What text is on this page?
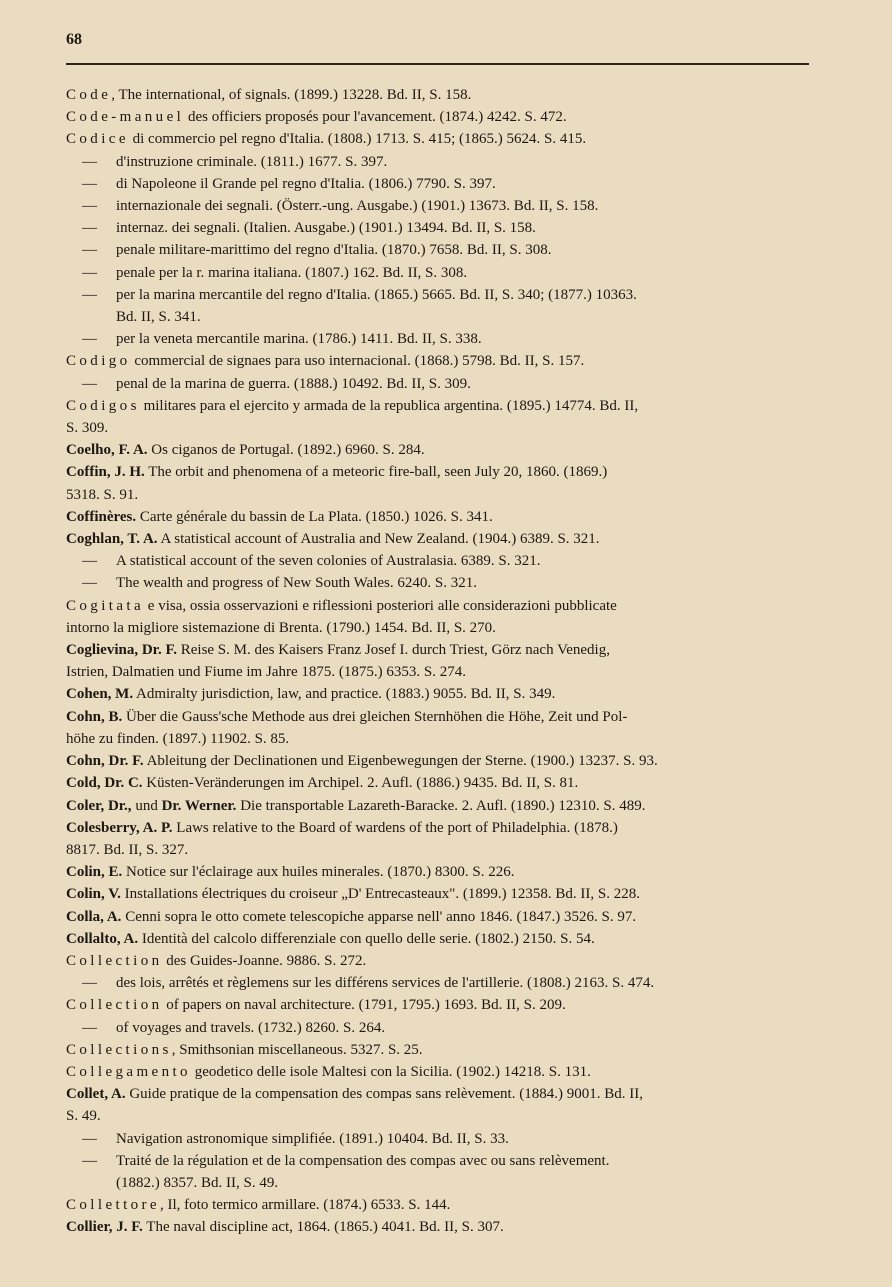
68
Code, The international, of signals. (1899.) 13228. Bd. II, S. 158.
Code-manuel des officiers proposés pour l'avancement. (1874.) 4242. S. 472.
Codice di commercio pel regno d'Italia. (1808.) 1713. S. 415; (1865.) 5624. S. 415.
— d'instruzione criminale. (1811.) 1677. S. 397.
— di Napoleone il Grande pel regno d'Italia. (1806.) 7790. S. 397.
— internazionale dei segnali. (Österr.-ung. Ausgabe.) (1901.) 13673. Bd. II, S. 158.
— internaz. dei segnali. (Italien. Ausgabe.) (1901.) 13494. Bd. II, S. 158.
— penale militare-marittimo del regno d'Italia. (1870.) 7658. Bd. II, S. 308.
— penale per la r. marina italiana. (1807.) 162. Bd. II, S. 308.
— per la marina mercantile del regno d'Italia. (1865.) 5665. Bd. II, S. 340; (1877.) 10363.
Bd. II, S. 341.
— per la veneta mercantile marina. (1786.) 1411. Bd. II, S. 338.
Codigo commercial de signaes para uso internacional. (1868.) 5798. Bd. II, S. 157.
— penal de la marina de guerra. (1888.) 10492. Bd. II, S. 309.
Codigos militares para el ejercito y armada de la republica argentina. (1895.) 14774. Bd. II,
S. 309.
Coelho, F. A. Os ciganos de Portugal. (1892.) 6960. S. 284.
Coffin, J. H. The orbit and phenomena of a meteoric fire-ball, seen July 20, 1860. (1869.)
5318. S. 91.
Coffinères. Carte générale du bassin de La Plata. (1850.) 1026. S. 341.
Coghlan, T. A. A statistical account of Australia and New Zealand. (1904.) 6389. S. 321.
— A statistical account of the seven colonies of Australasia. 6389. S. 321.
— The wealth and progress of New South Wales. 6240. S. 321.
Cogitata e visa, ossia osservazioni e riflessioni posteriori alle considerazioni pubblicate
intorno la migliore sistemazione di Brenta. (1790.) 1454. Bd. II, S. 270.
Coglievina, Dr. F. Reise S. M. des Kaisers Franz Josef I. durch Triest, Görz nach Venedig,
Istrien, Dalmatien und Fiume im Jahre 1875. (1875.) 6353. S. 274.
Cohen, M. Admiralty jurisdiction, law, and practice. (1883.) 9055. Bd. II, S. 349.
Cohn, B. Über die Gauss'sche Methode aus drei gleichen Sternhöhen die Höhe, Zeit und Pol-
höhe zu finden. (1897.) 11902. S. 85.
Cohn, Dr. F. Ableitung der Declinationen und Eigenbewegungen der Sterne. (1900.) 13237. S. 93.
Cold, Dr. C. Küsten-Veränderungen im Archipel. 2. Aufl. (1886.) 9435. Bd. II, S. 81.
Coler, Dr., und Dr. Werner. Die transportable Lazareth-Baracke. 2. Aufl. (1890.) 12310. S. 489.
Colesberry, A. P. Laws relative to the Board of wardens of the port of Philadelphia. (1878.)
8817. Bd. II, S. 327.
Colin, E. Notice sur l'éclairage aux huiles minerales. (1870.) 8300. S. 226.
Colin, V. Installations électriques du croiseur „D' Entrecasteaux". (1899.) 12358. Bd. II, S. 228.
Colla, A. Cenni sopra le otto comete telescopiche apparse nell' anno 1846. (1847.) 3526. S. 97.
Collalto, A. Identità del calcolo differenziale con quello delle serie. (1802.) 2150. S. 54.
Collection des Guides-Joanne. 9886. S. 272.
— des lois, arrêtés et règlemens sur les différens services de l'artillerie. (1808.) 2163. S. 474.
Collection of papers on naval architecture. (1791, 1795.) 1693. Bd. II, S. 209.
— of voyages and travels. (1732.) 8260. S. 264.
Collections, Smithsonian miscellaneous. 5327. S. 25.
Collegamento geodetico delle isole Maltesi con la Sicilia. (1902.) 14218. S. 131.
Collet, A. Guide pratique de la compensation des compas sans relèvement. (1884.) 9001. Bd. II,
S. 49.
— Navigation astronomique simplifiée. (1891.) 10404. Bd. II, S. 33.
— Traité de la régulation et de la compensation des compas avec ou sans relèvement.
(1882.) 8357. Bd. II, S. 49.
Collettore, Il, foto termico armillare. (1874.) 6533. S. 144.
Collier, J. F. The naval discipline act, 1864. (1865.) 4041. Bd. II, S. 307.
